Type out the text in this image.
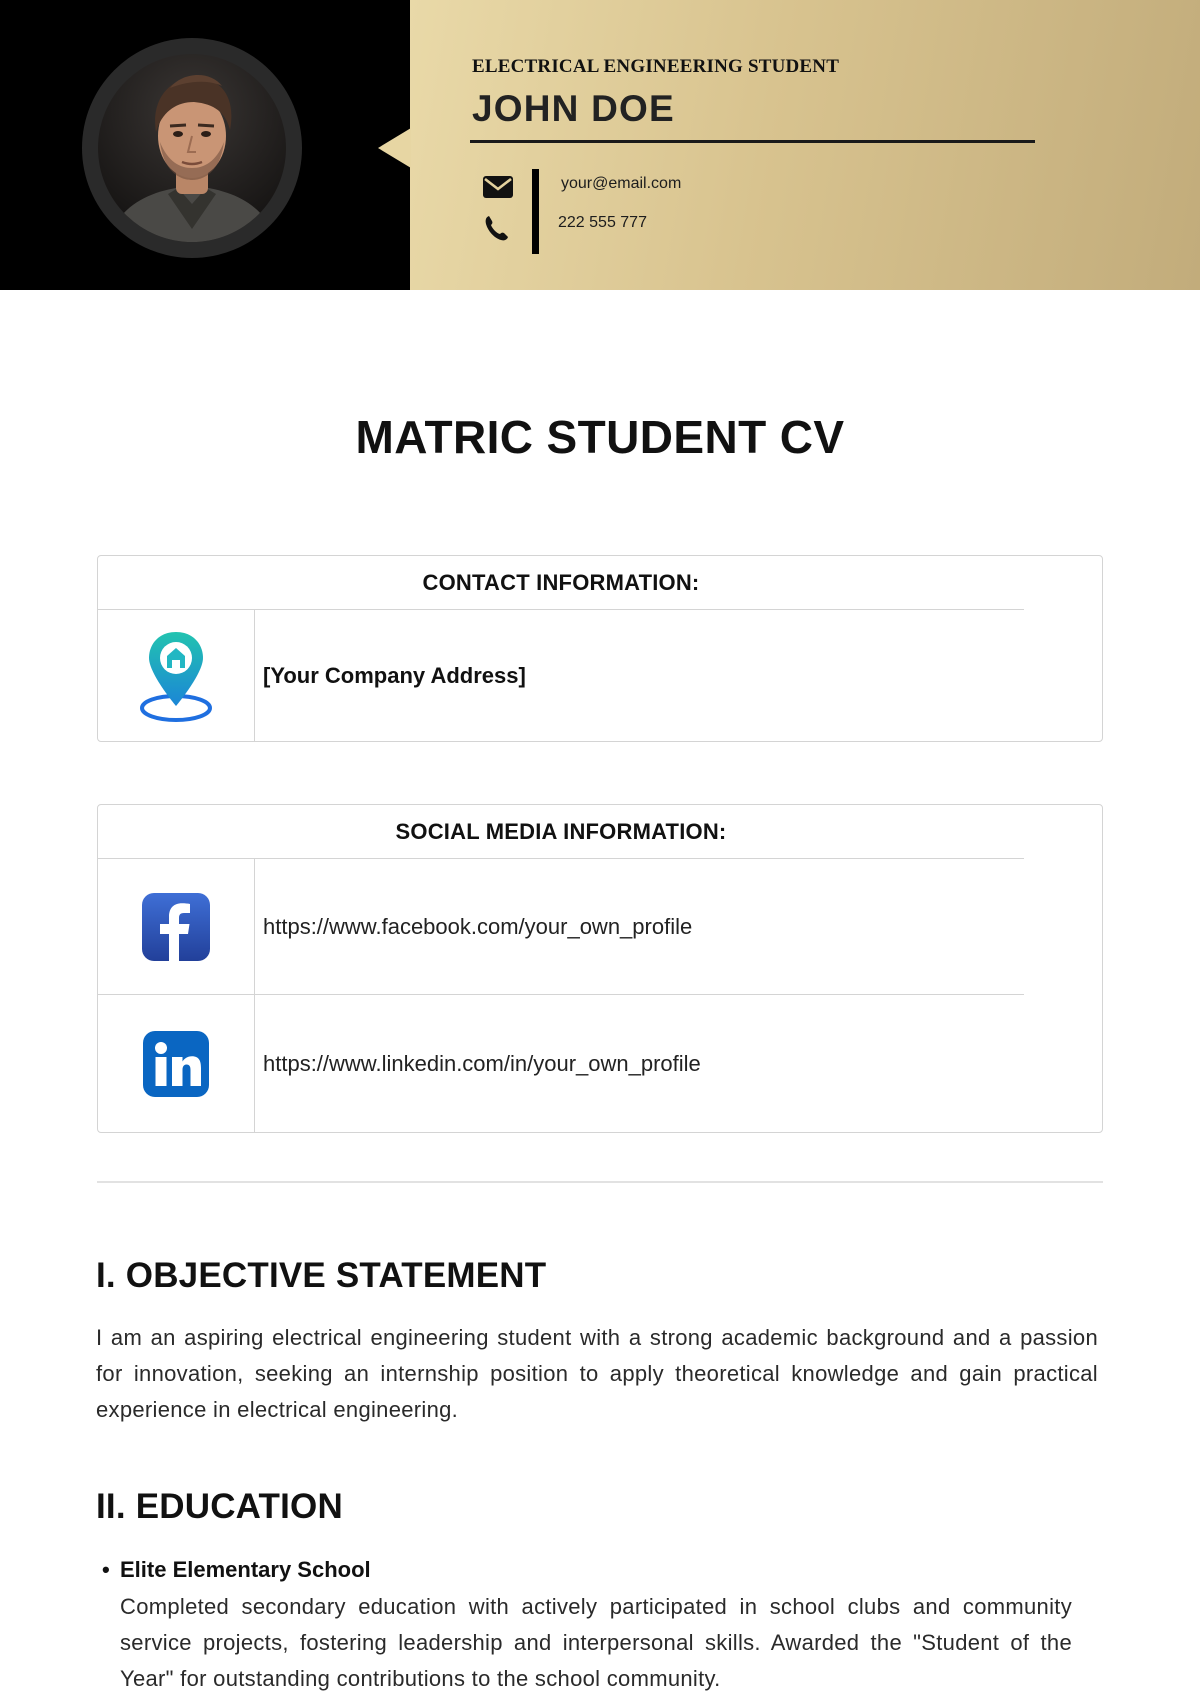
ELECTRICAL ENGINEERING STUDENT
JOHN DOE
your@email.com
222 555 777
MATRIC STUDENT CV
CONTACT INFORMATION:
[Your Company Address]
SOCIAL MEDIA INFORMATION:
https://www.facebook.com/your_own_profile
https://www.linkedin.com/in/your_own_profile
I. OBJECTIVE STATEMENT
I am an aspiring electrical engineering student with a strong academic background and a passion for innovation, seeking an internship position to apply theoretical knowledge and gain practical experience in electrical engineering.
II. EDUCATION
• Elite Elementary School
Completed secondary education with actively participated in school clubs and community service projects, fostering leadership and interpersonal skills. Awarded the "Student of the Year" for outstanding contributions to the school community.
